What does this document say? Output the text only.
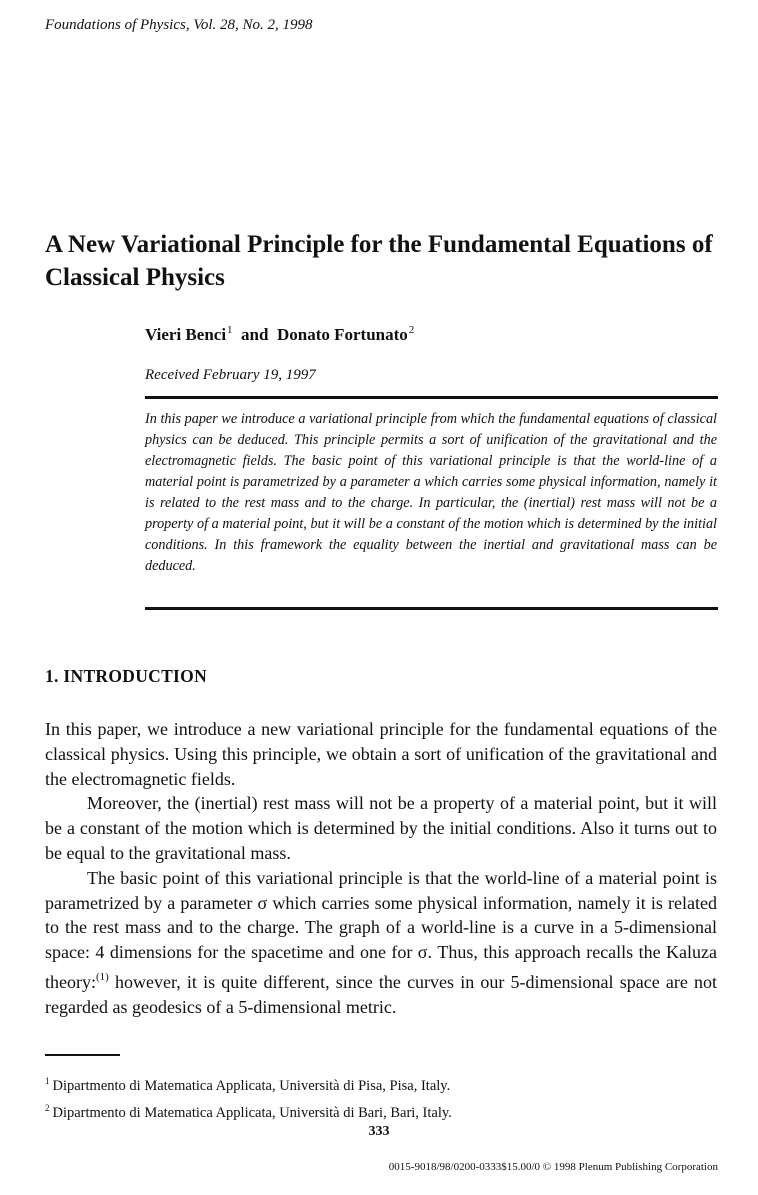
Foundations of Physics, Vol. 28, No. 2, 1998
A New Variational Principle for the Fundamental Equations of Classical Physics
Vieri Benci$^1$ and Donato Fortunato$^2$
Received February 19, 1997

In this paper we introduce a variational principle from which the fundamental equations of classical physics can be deduced. This principle permits a sort of unification of the gravitational and the electromagnetic fields. The basic point of this variational principle is that the world-line of a material point is parametrized by a parameter a which carries some physical information, namely it is related to the rest mass and to the charge. In particular, the (inertial) rest mass will not be a property of a material point, but it will be a constant of the motion which is determined by the initial conditions. In this framework the equality between the inertial and gravitational mass can be deduced.

1. INTRODUCTION

In this paper, we introduce a new variational principle for the fundamental equations of the classical physics. Using this principle, we obtain a sort of unification of the gravitational and the electromagnetic fields.

Moreover, the (inertial) rest mass will not be a property of a material point, but it will be a constant of the motion which is determined by the initial conditions. Also it turns out to be equal to the gravitational mass.

The basic point of this variational principle is that the world-line of a material point is parametrized by a parameter σ which carries some physical information, namely it is related to the rest mass and to the charge. The graph of a world-line is a curve in a 5-dimensional space: 4 dimensions for the spacetime and one for σ. Thus, this approach recalls the Kaluza theory:$^{(1)}$ however, it is quite different, since the curves in our 5-dimensional space are not regarded as geodesics of a 5-dimensional metric.

$^1$ Dipartmento di Matematica Applicata, Università di Pisa, Pisa, Italy.
$^2$ Dipartmento di Matematica Applicata, Università di Bari, Bari, Italy.
333
0015-9018/98/0200-0333$15.00/0 © 1998 Plenum Publishing Corporation
